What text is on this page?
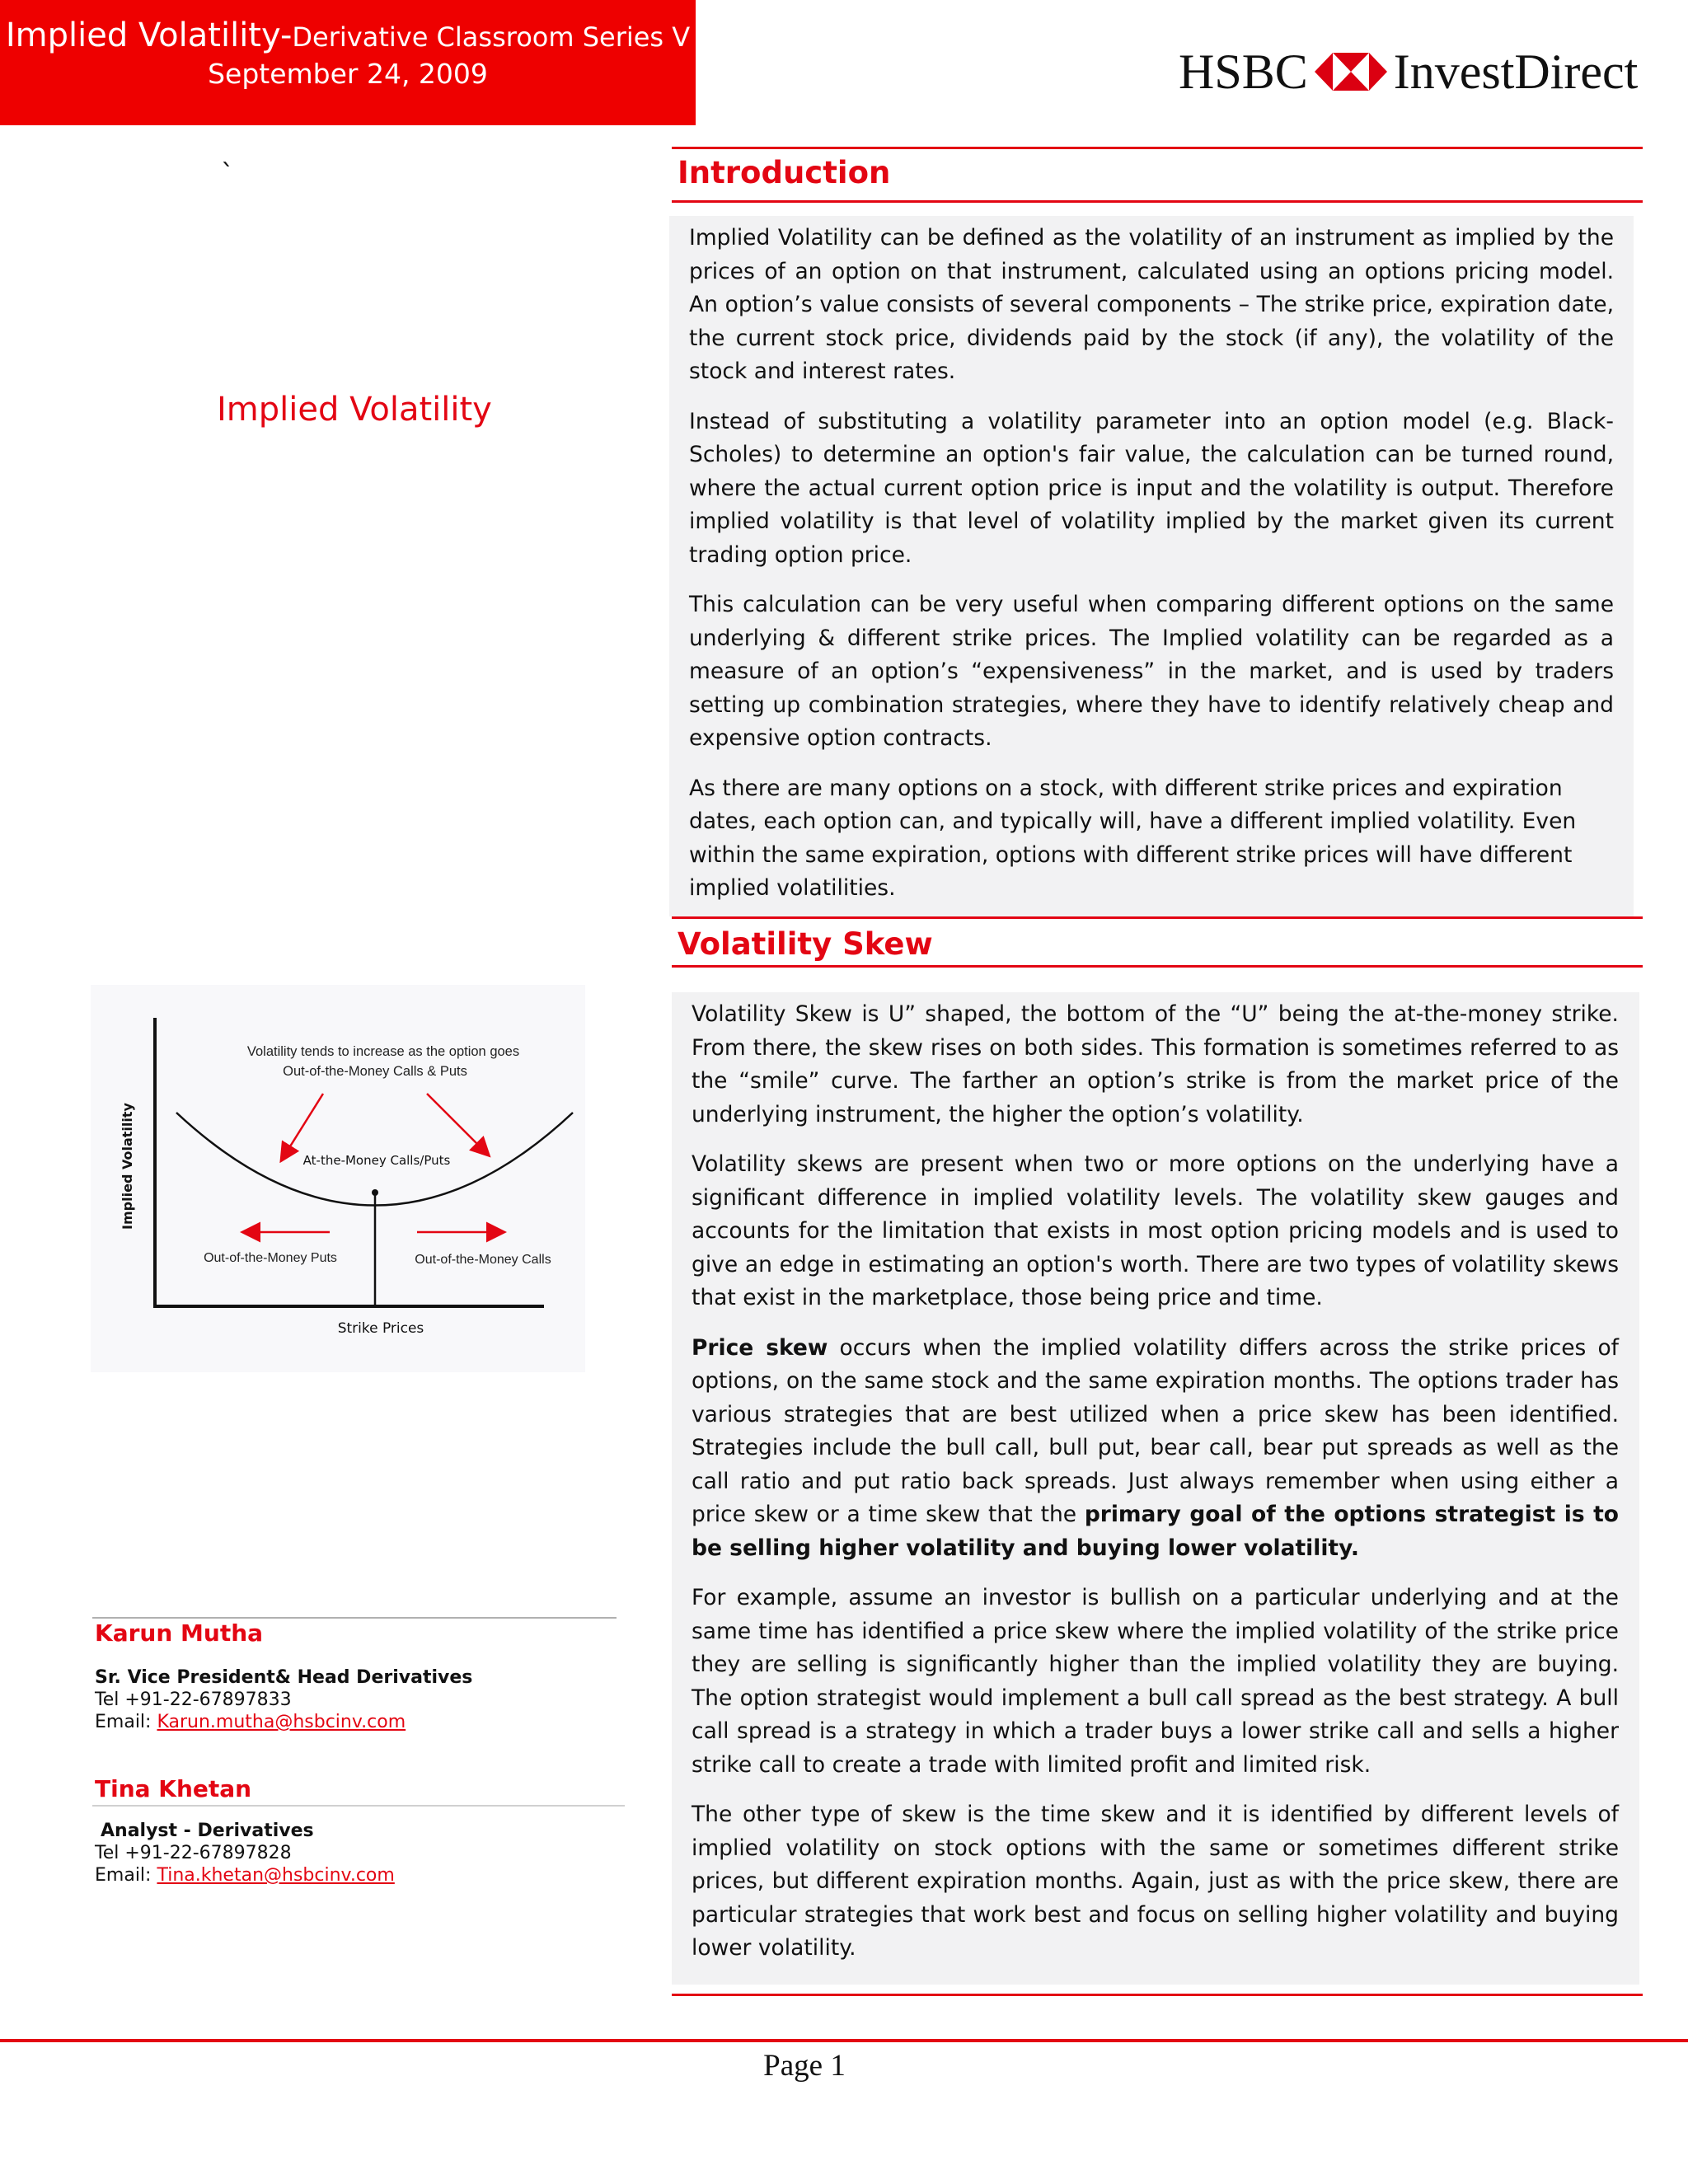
Implied Volatility-Derivative Classroom Series V
September 24, 2009	HSBC InvestDirect
`
Implied Volatility
Volatility tends to increase as the option goes
Out-of-the-Money Calls & Puts
At-the-Money Calls/Puts
Out-of-the-Money Puts	Out-of-the-Money Calls
Implied Volatility
Strike Prices
Karun Mutha
Sr. Vice President& Head Derivatives
Tel +91-22-67897833
Email: Karun.mutha@hsbcinv.com
Tina Khetan
Analyst - Derivatives
Tel +91-22-67897828
Email: Tina.khetan@hsbcinv.com
Introduction

Implied Volatility can be defined as the volatility of an instrument as implied by the prices of an option on that instrument, calculated using an options pricing model. An option’s value consists of several components – The strike price, expiration date, the current stock price, dividends paid by the stock (if any), the volatility of the stock and interest rates.

Instead of substituting a volatility parameter into an option model (e.g. Black-Scholes) to determine an option's fair value, the calculation can be turned round, where the actual current option price is input and the volatility is output. Therefore implied volatility is that level of volatility implied by the market given its current trading option price.

This calculation can be very useful when comparing different options on the same underlying & different strike prices. The Implied volatility can be regarded as a measure of an option’s “expensiveness” in the market, and is used by traders setting up combination strategies, where they have to identify relatively cheap and expensive option contracts.

As there are many options on a stock, with different strike prices and expiration dates, each option can, and typically will, have a different implied volatility. Even within the same expiration, options with different strike prices will have different implied volatilities.

Volatility Skew

Volatility Skew is U” shaped, the bottom of the “U” being the at-the-money strike. From there, the skew rises on both sides. This formation is sometimes referred to as the “smile” curve. The farther an option’s strike is from the market price of the underlying instrument, the higher the option’s volatility.

Volatility skews are present when two or more options on the underlying have a significant difference in implied volatility levels. The volatility skew gauges and accounts for the limitation that exists in most option pricing models and is used to give an edge in estimating an option's worth. There are two types of volatility skews that exist in the marketplace, those being price and time.

Price skew occurs when the implied volatility differs across the strike prices of options, on the same stock and the same expiration months. The options trader has various strategies that are best utilized when a price skew has been identified. Strategies include the bull call, bull put, bear call, bear put spreads as well as the call ratio and put ratio back spreads. Just always remember when using either a price skew or a time skew that the primary goal of the options strategist is to be selling higher volatility and buying lower volatility.

For example, assume an investor is bullish on a particular underlying and at the same time has identified a price skew where the implied volatility of the strike price they are selling is significantly higher than the implied volatility they are buying. The option strategist would implement a bull call spread as the best strategy. A bull call spread is a strategy in which a trader buys a lower strike call and sells a higher strike call to create a trade with limited profit and limited risk.

The other type of skew is the time skew and it is identified by different levels of implied volatility on stock options with the same or sometimes different strike prices, but different expiration months. Again, just as with the price skew, there are particular strategies that work best and focus on selling higher volatility and buying lower volatility.

Page 1
